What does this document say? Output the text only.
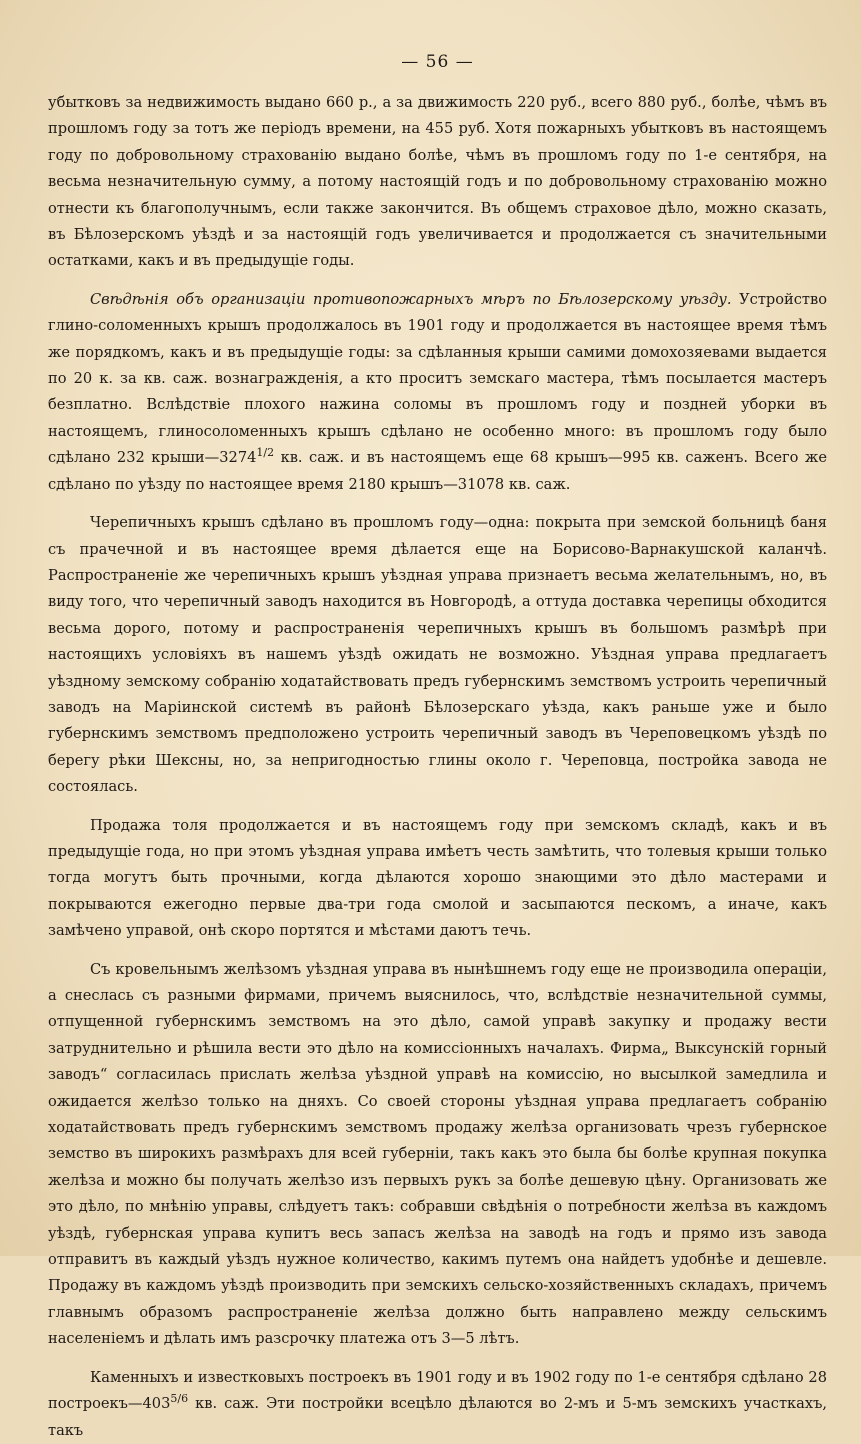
— 56 —

убытковъ за недвижимость выдано 660 р., а за движимость 220 руб., всего 880 руб., болѣе, чѣмъ въ прошломъ году за тотъ же періодъ времени, на 455 руб. Хотя пожарныхъ убытковъ въ настоящемъ году по добровольному страхованію выдано болѣе, чѣмъ въ прошломъ году по 1-е сентября, на весьма незначительную сумму, а потому настоящій годъ и по добровольному страхованію можно отнести къ благополучнымъ, если также закончится. Въ общемъ страховое дѣло, можно сказать, въ Бѣлозерскомъ уѣздѣ и за настоящій годъ увеличивается и продолжается съ значительными остатками, какъ и въ предыдущіе годы.

Свѣдѣнія объ организаціи противопожарныхъ мѣръ по Бѣлозерскому уѣзду. Устройство глино-соломенныхъ крышъ продолжалось въ 1901 году и продолжается въ настоящее время тѣмъ же порядкомъ, какъ и въ предыдущіе годы: за сдѣланныя крыши самими домохозяевами выдается по 20 к. за кв. саж. вознагражденія, а кто проситъ земскаго мастера, тѣмъ посылается мастеръ безплатно. Вслѣдствіе плохого нажина соломы въ прошломъ году и поздней уборки въ настоящемъ, глиносоломенныхъ крышъ сдѣлано не особенно много: въ прошломъ году было сдѣлано 232 $крыши—3274^{1/2}$ кв. саж. и въ настоящемъ еще 68 крышъ—995 кв. саженъ. Всего же сдѣлано по уѣзду по настоящее время 2180 крышъ—31078 кв. саж.

Черепичныхъ крышъ сдѣлано въ прошломъ году—одна: покрыта при земской больницѣ баня съ прачечной и въ настоящее время дѣлается еще на Борисово-Варнакушской каланчѣ. Распространеніе же черепичныхъ крышъ уѣздная управа признаетъ весьма желательнымъ, но, въ виду того, что черепичный заводъ находится въ Новгородѣ, а оттуда доставка черепицы обходится весьма дорого, потому и распространенія черепичныхъ крышъ въ большомъ размѣрѣ при настоящихъ условіяхъ въ нашемъ уѣздѣ ожидать не возможно. Уѣздная управа предлагаетъ уѣздному земскому собранію ходатайствовать предъ губернскимъ земствомъ устроить черепичный заводъ на Маріинской системѣ въ районѣ Бѣлозерскаго уѣзда, какъ раньше уже и было губернскимъ земствомъ предположено устроить черепичный заводъ въ Череповецкомъ уѣздѣ по берегу рѣки Шексны, но, за непригодностью глины около г. Череповца, постройка завода не состоялась.

Продажа толя продолжается и въ настоящемъ году при земскомъ складѣ, какъ и въ предыдущіе года, но при этомъ уѣздная управа имѣетъ честь замѣтить, что толевыя крыши только тогда могутъ быть прочными, когда дѣлаются хорошо знающими это дѣло мастерами и покрываются ежегодно первые два-три года смолой и засыпаются пескомъ, а иначе, какъ замѣчено управой, онѣ скоро портятся и мѣстами даютъ течь.

Съ кровельнымъ желѣзомъ уѣздная управа въ нынѣшнемъ году еще не производила операціи, а снеслась съ разными фирмами, причемъ выяснилось, что, вслѣдствіе незначительной суммы, отпущенной губернскимъ земствомъ на это дѣло, самой управѣ закупку и продажу вести затруднительно и рѣшила вести это дѣло на комиссіонныхъ началахъ. Фирма„ Выксунскій горный заводъ“ согласилась прислать желѣза уѣздной управѣ на комиссію, но высылкой замедлила и ожидается желѣзо только на дняхъ. Со своей стороны уѣздная управа предлагаетъ собранію ходатайствовать предъ губернскимъ земствомъ продажу желѣза организовать чрезъ губернское земство въ широкихъ размѣрахъ для всей губерніи, такъ какъ это была бы болѣе крупная покупка желѣза и можно бы получать желѣзо изъ первыхъ рукъ за болѣе дешевую цѣну. Организовать же это дѣло, по мнѣнію управы, слѣдуетъ такъ: собравши свѣдѣнія о потребности желѣза въ каждомъ уѣздѣ, губернская управа купитъ весь запасъ желѣза на заводѣ на годъ и прямо изъ завода отправитъ въ каждый уѣздъ нужное количество, какимъ путемъ она найдетъ удобнѣе и дешевле. Продажу въ каждомъ уѣздѣ производить при земскихъ сельско-хозяйственныхъ складахъ, причемъ главнымъ образомъ распространеніе желѣза должно быть направлено между сельскимъ населеніемъ и дѣлать имъ разсрочку платежа отъ 3—5 лѣтъ.

Каменныхъ и известковыхъ построекъ въ 1901 году и въ 1902 году по 1-е сентября сдѣлано 28 $построекъ—403^{5/6}$ кв. саж. Эти постройки всецѣло дѣлаются во 2-мъ и 5-мъ земскихъ участкахъ, такъ
